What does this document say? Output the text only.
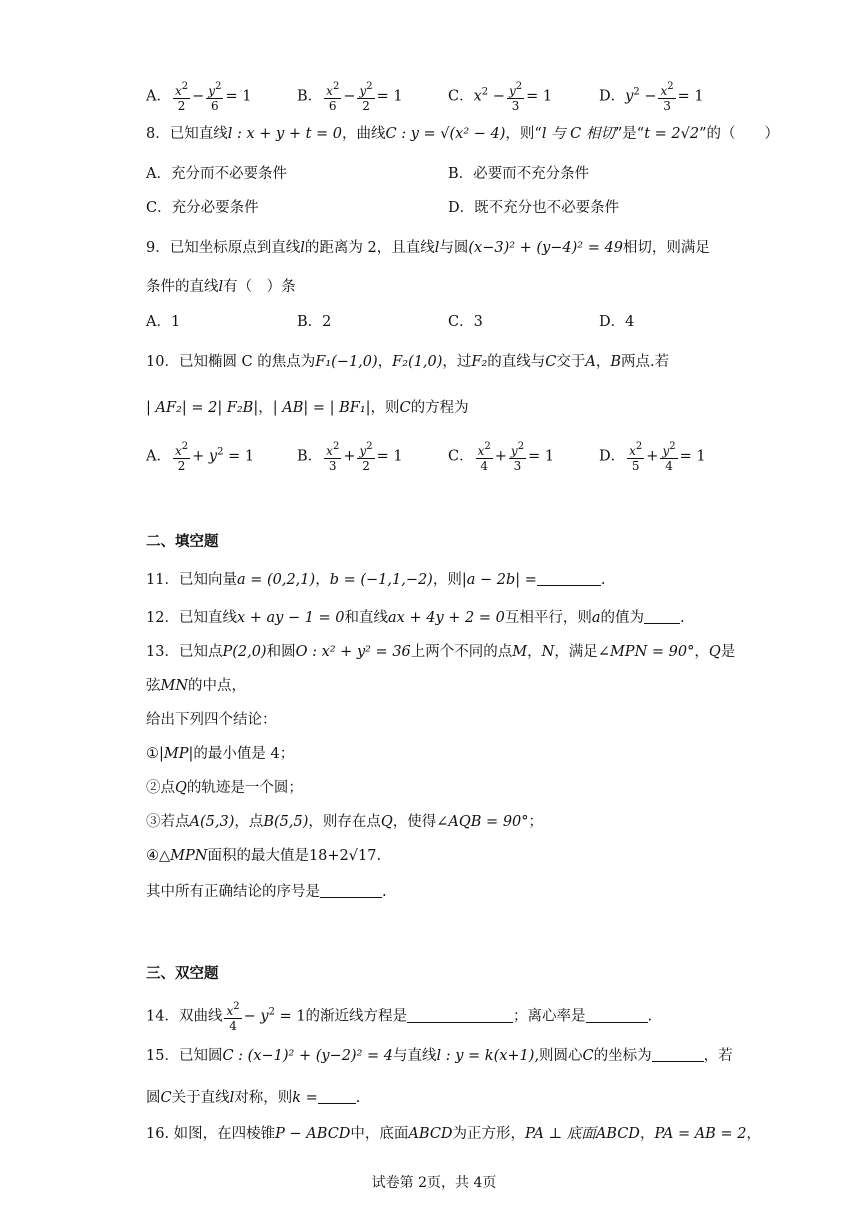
A． $\frac{x^2}{2} - \frac{y^2}{6} = 1$	B． $\frac{x^2}{6} - \frac{y^2}{2} = 1$	C．$x^2 - \frac{y^2}{3} = 1$	D．$y^2 - \frac{x^2}{3} = 1$
8．已知直线l : x + y + t = 0，曲线C : y = √(x² − 4)，则“l 与 C 相切”是“t = 2√2”的（　　）
A．充分而不必要条件	B．必要而不充分条件
C．充分必要条件	D．既不充分也不必要条件
9．已知坐标原点到直线l的距离为 2，且直线l与圆(x−3)² + (y−4)² = 49相切，则满足
条件的直线l有（　）条
A．1	B．2	C．3	D．4
10．已知椭圆 C 的焦点为F₁(−1,0)，F₂(1,0)，过F₂的直线与C交于A，B两点.若
| AF₂| = 2| F₂B|，| AB| = | BF₁|，则C的方程为
A． $\frac{x^2}{2} + y^2 = 1$	B． $\frac{x^2}{3} + \frac{y^2}{2} = 1$	C． $\frac{x^2}{4} + \frac{y^2}{3} = 1$	D． $\frac{x^2}{5} + \frac{y^2}{4} = 1$
二、填空题
11．已知向量a = (0,2,1)，b = (−1,1,−2)，则|a − 2b| =	.
12．已知直线x + ay − 1 = 0和直线ax + 4y + 2 = 0互相平行，则a的值为 .
13．已知点P(2,0)和圆O : x² + y² = 36上两个不同的点M，N，满足∠MPN = 90°，Q是
弦MN的中点，
给出下列四个结论：
①|MP|的最小值是 4；
②点Q的轨迹是一个圆；
③若点A(5,3)，点B(5,5)，则存在点Q，使得∠AQB = 90°；
④△MPN面积的最大值是18+2√17.
其中所有正确结论的序号是	.
三、双空题
14．双曲线 $\frac{x^2}{4} - y^2 = 1$的渐近线方程是	；离心率是	.
15．已知圆C : (x−1)² + (y−2)² = 4与直线l : y = k(x+1),则圆心C的坐标为	，若
圆C关于直线l对称，则k =	.
16. 如图，在四棱锥P − ABCD中，底面ABCD为正方形，PA ⊥ 底面ABCD，PA = AB = 2，
试卷第 2页，共 4页
